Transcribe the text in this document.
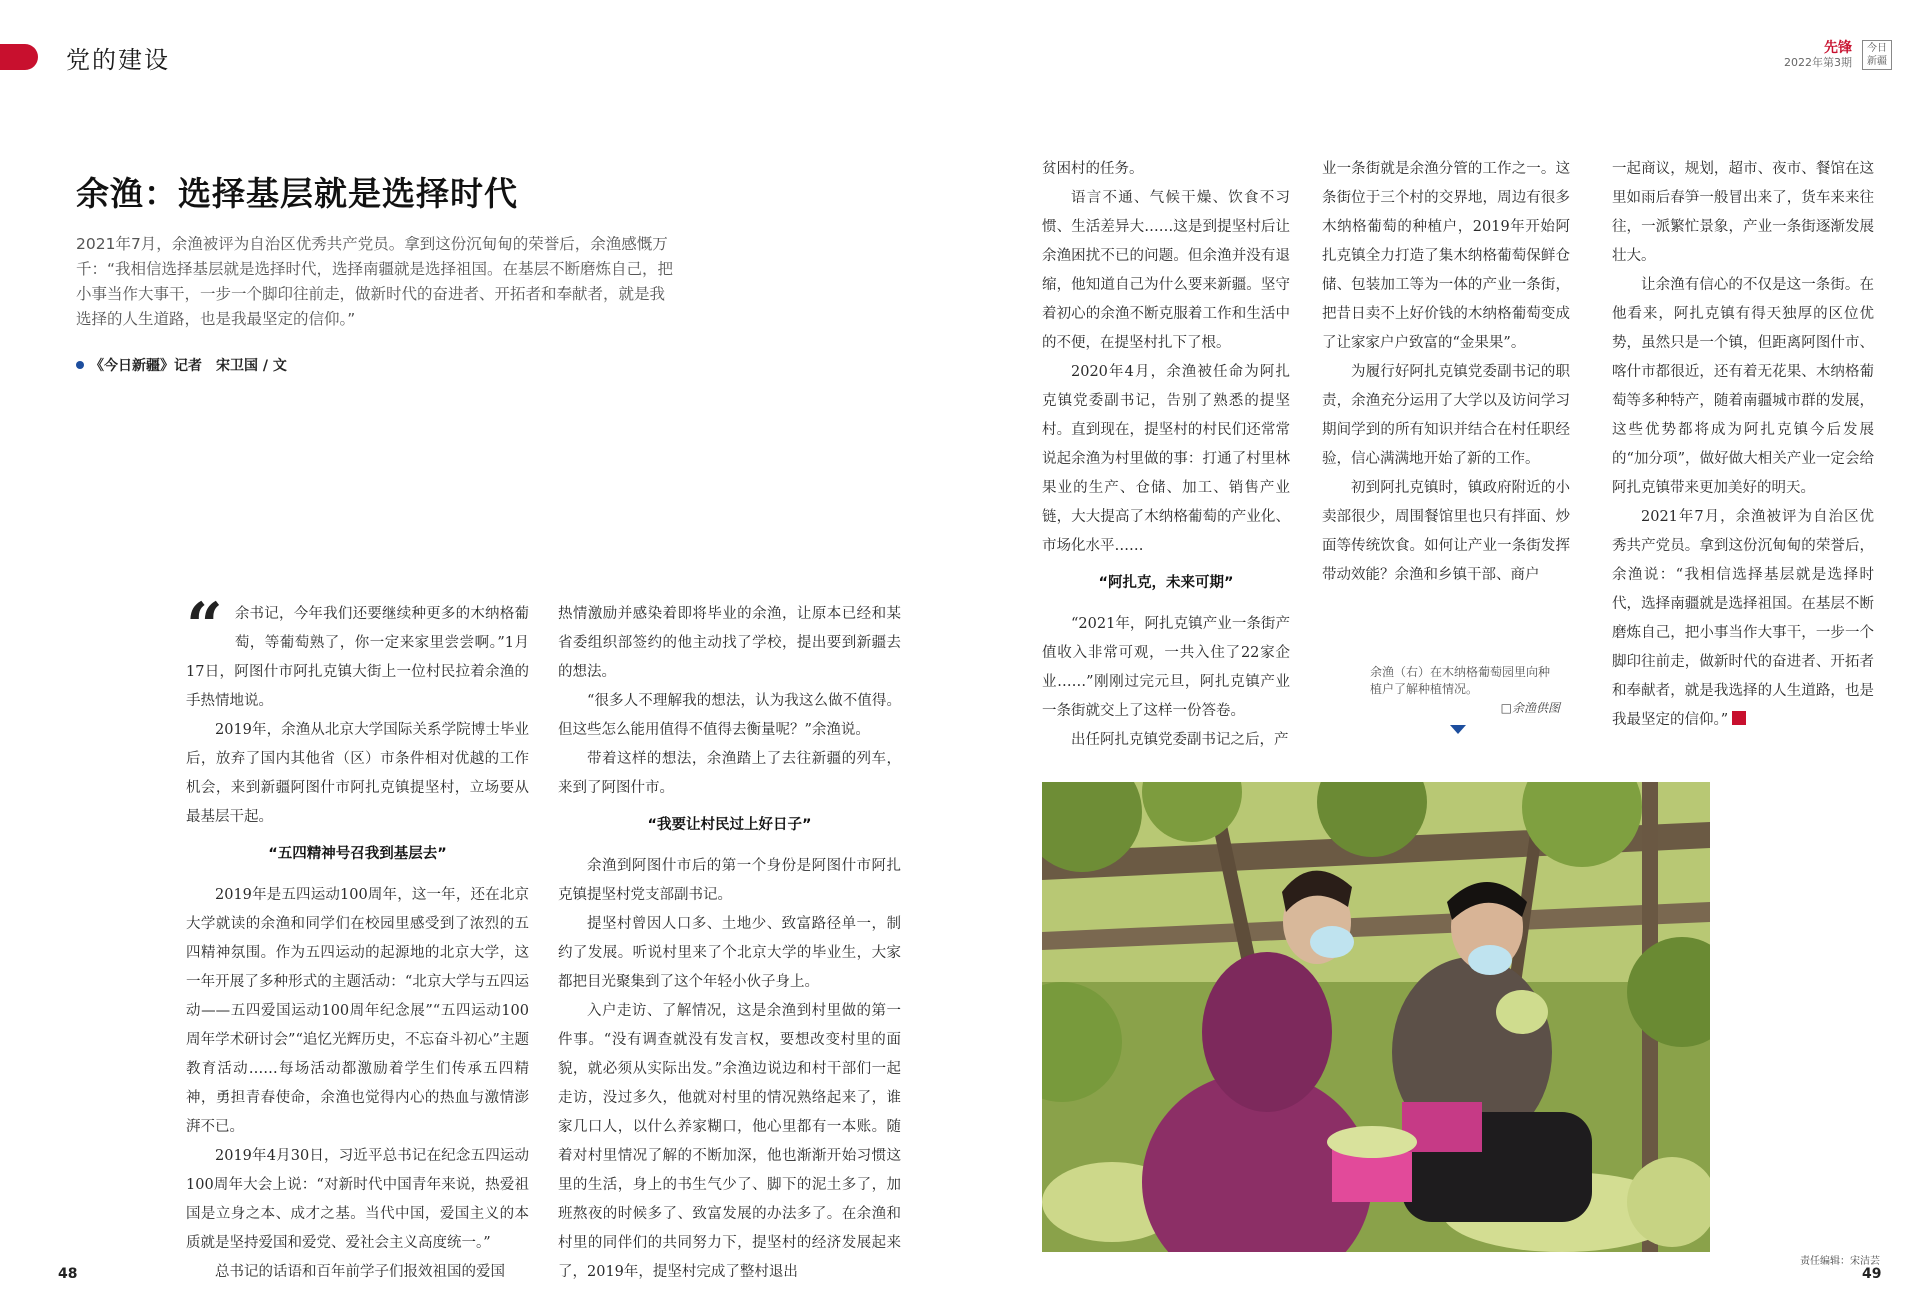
党的建设	先锋
2022年第3期
今日新疆
余渔：选择基层就是选择时代
2021年7月，余渔被评为自治区优秀共产党员。拿到这份沉甸甸的荣誉后，余渔感慨万千：“我相信选择基层就是选择时代，选择南疆就是选择祖国。在基层不断磨炼自己，把小事当作大事干，一步一个脚印往前走，做新时代的奋进者、开拓者和奉献者，就是我选择的人生道路，也是我最坚定的信仰。”
《今日新疆》记者　宋卫国 / 文

“ 余书记，今年我们还要继续种更多的木纳格葡萄，等葡萄熟了，你一定来家里尝尝啊。”1月17日，阿图什市阿扎克镇大街上一位村民拉着余渔的手热情地说。

2019年，余渔从北京大学国际关系学院博士毕业后，放弃了国内其他省（区）市条件相对优越的工作机会，来到新疆阿图什市阿扎克镇提坚村，立场要从最基层干起。

“五四精神号召我到基层去”

2019年是五四运动100周年，这一年，还在北京大学就读的余渔和同学们在校园里感受到了浓烈的五四精神氛围。作为五四运动的起源地的北京大学，这一年开展了多种形式的主题活动：“北京大学与五四运动——五四爱国运动100周年纪念展”“五四运动100周年学术研讨会”“追忆光辉历史，不忘奋斗初心”主题教育活动……每场活动都激励着学生们传承五四精神，勇担青春使命，余渔也觉得内心的热血与激情澎湃不已。

2019年4月30日，习近平总书记在纪念五四运动100周年大会上说：“对新时代中国青年来说，热爱祖国是立身之本、成才之基。当代中国，爱国主义的本质就是坚持爱国和爱党、爱社会主义高度统一。”

总书记的话语和百年前学子们报效祖国的爱国

热情激励并感染着即将毕业的余渔，让原本已经和某省委组织部签约的他主动找了学校，提出要到新疆去的想法。

“很多人不理解我的想法，认为我这么做不值得。但这些怎么能用值得不值得去衡量呢？”余渔说。

带着这样的想法，余渔踏上了去往新疆的列车，来到了阿图什市。

“我要让村民过上好日子”

余渔到阿图什市后的第一个身份是阿图什市阿扎克镇提坚村党支部副书记。

提坚村曾因人口多、土地少、致富路径单一，制约了发展。听说村里来了个北京大学的毕业生，大家都把目光聚集到了这个年轻小伙子身上。

入户走访、了解情况，这是余渔到村里做的第一件事。“没有调查就没有发言权，要想改变村里的面貌，就必须从实际出发。”余渔边说边和村干部们一起走访，没过多久，他就对村里的情况熟络起来了，谁家几口人，以什么养家糊口，他心里都有一本账。随着对村里情况了解的不断加深，他也渐渐开始习惯这里的生活，身上的书生气少了、脚下的泥土多了，加班熬夜的时候多了、致富发展的办法多了。在余渔和村里的同伴们的共同努力下，提坚村的经济发展起来了，2019年，提坚村完成了整村退出

贫困村的任务。

语言不通、气候干燥、饮食不习惯、生活差异大……这是到提坚村后让余渔困扰不已的问题。但余渔并没有退缩，他知道自己为什么要来新疆。坚守着初心的余渔不断克服着工作和生活中的不便，在提坚村扎下了根。

2020年4月，余渔被任命为阿扎克镇党委副书记，告别了熟悉的提坚村。直到现在，提坚村的村民们还常常说起余渔为村里做的事：打通了村里林果业的生产、仓储、加工、销售产业链，大大提高了木纳格葡萄的产业化、市场化水平……

“阿扎克，未来可期”

“2021年，阿扎克镇产业一条街产值收入非常可观，一共入住了22家企业……”刚刚过完元旦，阿扎克镇产业一条街就交上了这样一份答卷。

出任阿扎克镇党委副书记之后，产

业一条街就是余渔分管的工作之一。这条街位于三个村的交界地，周边有很多木纳格葡萄的种植户，2019年开始阿扎克镇全力打造了集木纳格葡萄保鲜仓储、包装加工等为一体的产业一条街，把昔日卖不上好价钱的木纳格葡萄变成了让家家户户致富的“金果果”。

为履行好阿扎克镇党委副书记的职责，余渔充分运用了大学以及访问学习期间学到的所有知识并结合在村任职经验，信心满满地开始了新的工作。

初到阿扎克镇时，镇政府附近的小卖部很少，周围餐馆里也只有拌面、炒面等传统饮食。如何让产业一条街发挥带动效能？余渔和乡镇干部、商户

一起商议，规划，超市、夜市、餐馆在这里如雨后春笋一般冒出来了，货车来来往往，一派繁忙景象，产业一条街逐渐发展壮大。

让余渔有信心的不仅是这一条街。在他看来，阿扎克镇有得天独厚的区位优势，虽然只是一个镇，但距离阿图什市、喀什市都很近，还有着无花果、木纳格葡萄等多种特产，随着南疆城市群的发展，这些优势都将成为阿扎克镇今后发展的“加分项”，做好做大相关产业一定会给阿扎克镇带来更加美好的明天。

2021年7月，余渔被评为自治区优秀共产党员。拿到这份沉甸甸的荣誉后，余渔说：“我相信选择基层就是选择时代，选择南疆就是选择祖国。在基层不断磨炼自己，把小事当作大事干，一步一个脚印往前走，做新时代的奋进者、开拓者和奉献者，就是我选择的人生道路，也是我最坚定的信仰。”

余渔（右）在木纳格葡萄园里向种植户了解种植情况。
□余渔供图
48
责任编辑：宋洁芸
49
